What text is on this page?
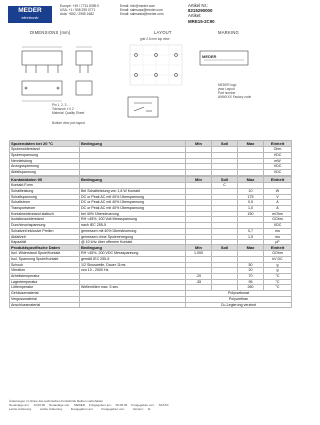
MEDER
electronic
Europe: +49 / 7731 8399 0
USA: +1 / 508 295 0771
Asia: +852 / 2955 1682
Email: info@meder.com
Email: salesusa@meder.com
Email: salesasia@meder.com
Artikel Nr.:
8215290000
Artikel:
MRE15-2C90
DIMENSIONS (mm)	LAYOUT
grid 2.5 mm top view
MARKING
MEDER
Pin 1, 2, 3 ...
Tolerance ± 0.2
Material: Quality Sheet
Bottom view pcb layout
MEDER logo
yww Layout
Part number
ANWXXX Factory code
Spulendaten bei 20 °C	Bedingung	Min	Soll	Max	Einheit
Spulenwiderstand					Ohm
Spulenspannung					VDC
Nennleistung					mW
Anzugsspannung					VDC
Abfallspannung					VDC
Kontaktdaten 90	Bedingung	Min	Soll	Max	Einheit
Kontakt-Form			C		
Schaltleistung	Bei Schaltleistung von 1,8 W Kontakt			10	W
Schaltspannung	DC or Peak AC mit 40% Überspannung			175	V
Schaltstrom	DC or Peak AC mit 40% Überspannung			0,5	A
Transportstrom	DC or Peak AC mit 40% Überspannung			1,0	A
Kontaktwiderstand statisch	bei 40% Übersteuerung			150	mOhm
Isolationswiderstand	RH <45%, 100 Volt Messspannung				GOhm
Durchbruchspannung	nach IEC 255-5				VDC
Schaltzeit inklusive Prellen	gemessen mit 40% Übersteuerung			0,7	ms
Abfallzeit	gemessen ohne Spulenerregung			1,5	ms
Kapazität	@ 10 kHz über offenem Kontakt				pF
Produktspezifische Daten	Bedingung	Min	Soll	Max	Einheit
Isol. Widerstand Spule/Kontakt	RH <45%, 200 VDC Messspannung	1.000			GOhm
Isol. Spannung Spule/Kontakt	gemäß IEC 255-5				kV DC
Schock	1/2 Sinuswelle, Dauer 11ms			50	g
Vibration	von 10 - 2000 Hz			20	g
Arbeitstemperatur		-20		70	°C
Lagertemperatur		-35		95	°C
Löttemperatur	Wellenlöten max. 5 sec.			260	°C
Gehäusematerial		Polycarbonat			
Vergussmaterial		Polyurethan			
Anschlussmaterial		Cu-Legierung verzinnt			
Änderungen im Sinne des technischen Fortschritts bleiben vorbehalten
Neuanlage am: 13.06.00 Neuanlage von: MEDER Freigegeben am: 09.06.00 Freigegeben von: SAXXX
Letzte Änderung:	Letzte Änderung:	Freigegeben am:	Freigegeben von:	Version: 11
